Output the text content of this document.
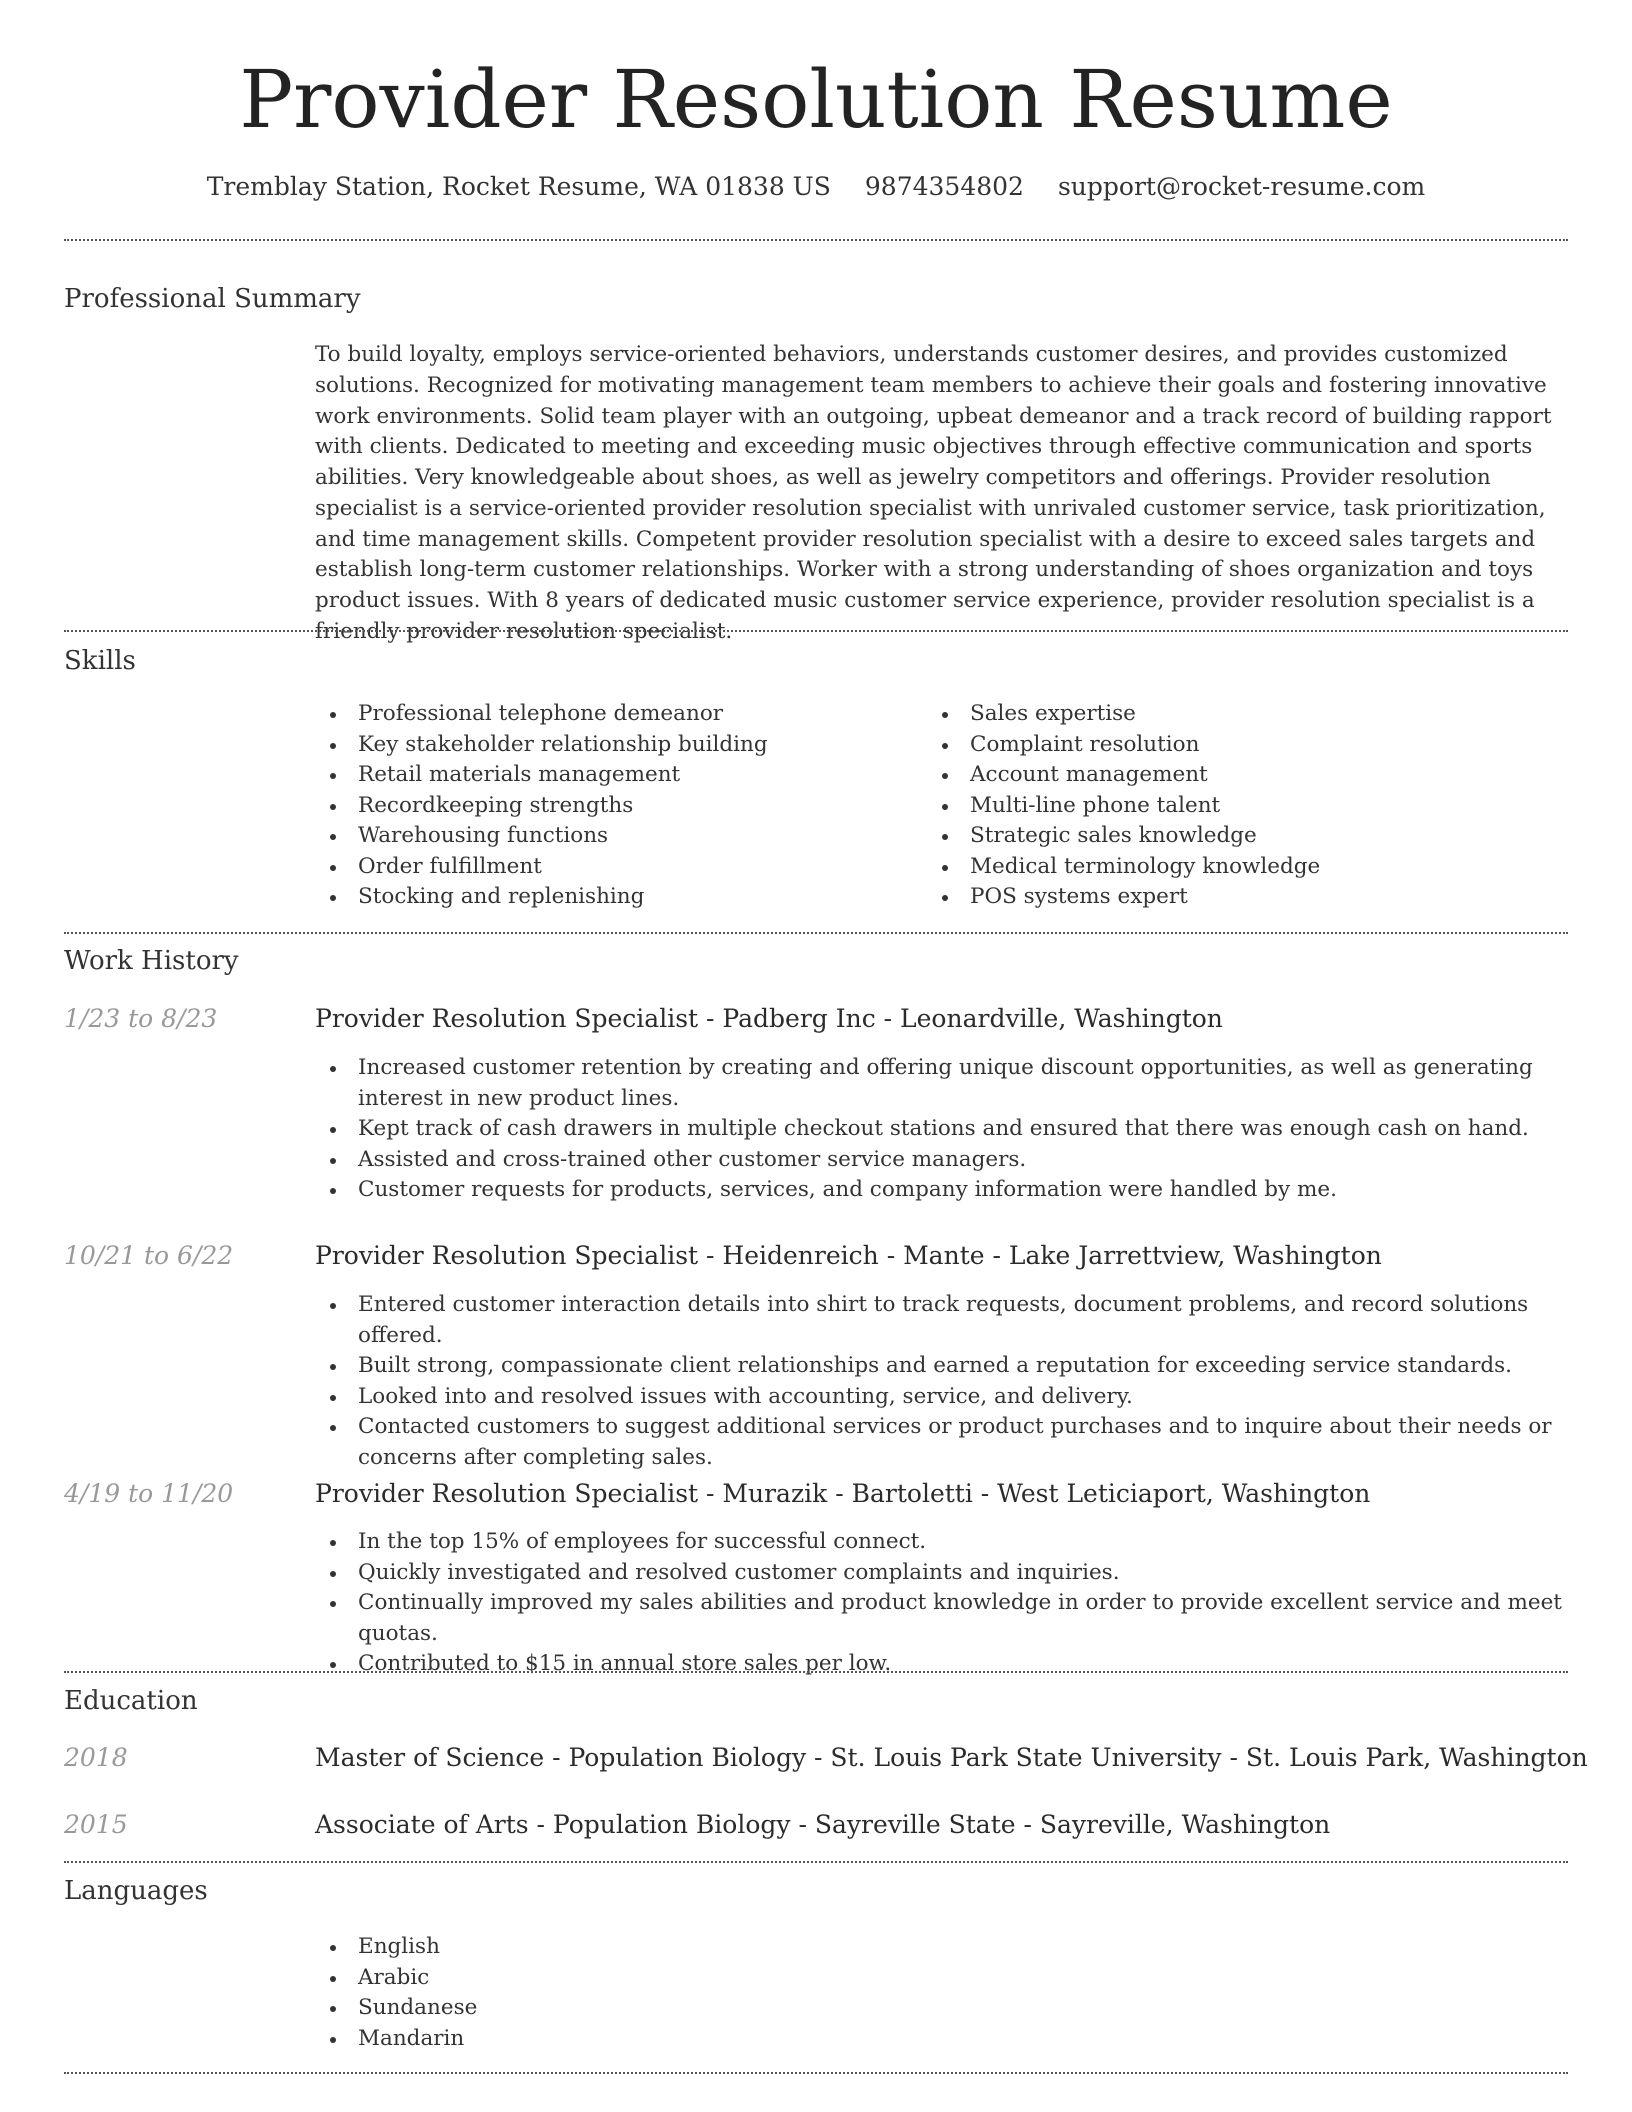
Provider Resolution Resume
Tremblay Station, Rocket Resume, WA 01838 US 9874354802 support@rocket-resume.com
Professional Summary

To build loyalty, employs service-oriented behaviors, understands customer desires, and provides customized solutions. Recognized for motivating management team members to achieve their goals and fostering innovative work environments. Solid team player with an outgoing, upbeat demeanor and a track record of building rapport with clients. Dedicated to meeting and exceeding music objectives through effective communication and sports abilities. Very knowledgeable about shoes, as well as jewelry competitors and offerings. Provider resolution specialist is a service-oriented provider resolution specialist with unrivaled customer service, task prioritization, and time management skills. Competent provider resolution specialist with a desire to exceed sales targets and establish long-term customer relationships. Worker with a strong understanding of shoes organization and toys product issues. With 8 years of dedicated music customer service experience, provider resolution specialist is a friendly provider resolution specialist.

Skills
Professional telephone demeanor
Key stakeholder relationship building
Retail materials management
Recordkeeping strengths
Warehousing functions
Order fulfillment
Stocking and replenishing
Sales expertise
Complaint resolution
Account management
Multi-line phone talent
Strategic sales knowledge
Medical terminology knowledge
POS systems expert
Work History
1/23 to 8/23	Provider Resolution Specialist - Padberg Inc - Leonardville, Washington
Increased customer retention by creating and offering unique discount opportunities, as well as generating interest in new product lines.
Kept track of cash drawers in multiple checkout stations and ensured that there was enough cash on hand.
Assisted and cross-trained other customer service managers.
Customer requests for products, services, and company information were handled by me.
10/21 to 6/22	Provider Resolution Specialist - Heidenreich - Mante - Lake Jarrettview, Washington
Entered customer interaction details into shirt to track requests, document problems, and record solutions offered.
Built strong, compassionate client relationships and earned a reputation for exceeding service standards.
Looked into and resolved issues with accounting, service, and delivery.
Contacted customers to suggest additional services or product purchases and to inquire about their needs or concerns after completing sales.
4/19 to 11/20	Provider Resolution Specialist - Murazik - Bartoletti - West Leticiaport, Washington
In the top 15% of employees for successful connect.
Quickly investigated and resolved customer complaints and inquiries.
Continually improved my sales abilities and product knowledge in order to provide excellent service and meet quotas.
Contributed to $15 in annual store sales per low.
Education
2018	Master of Science - Population Biology - St. Louis Park State University - St. Louis Park, Washington
2015	Associate of Arts - Population Biology - Sayreville State - Sayreville, Washington
Languages
English
Arabic
Sundanese
Mandarin
